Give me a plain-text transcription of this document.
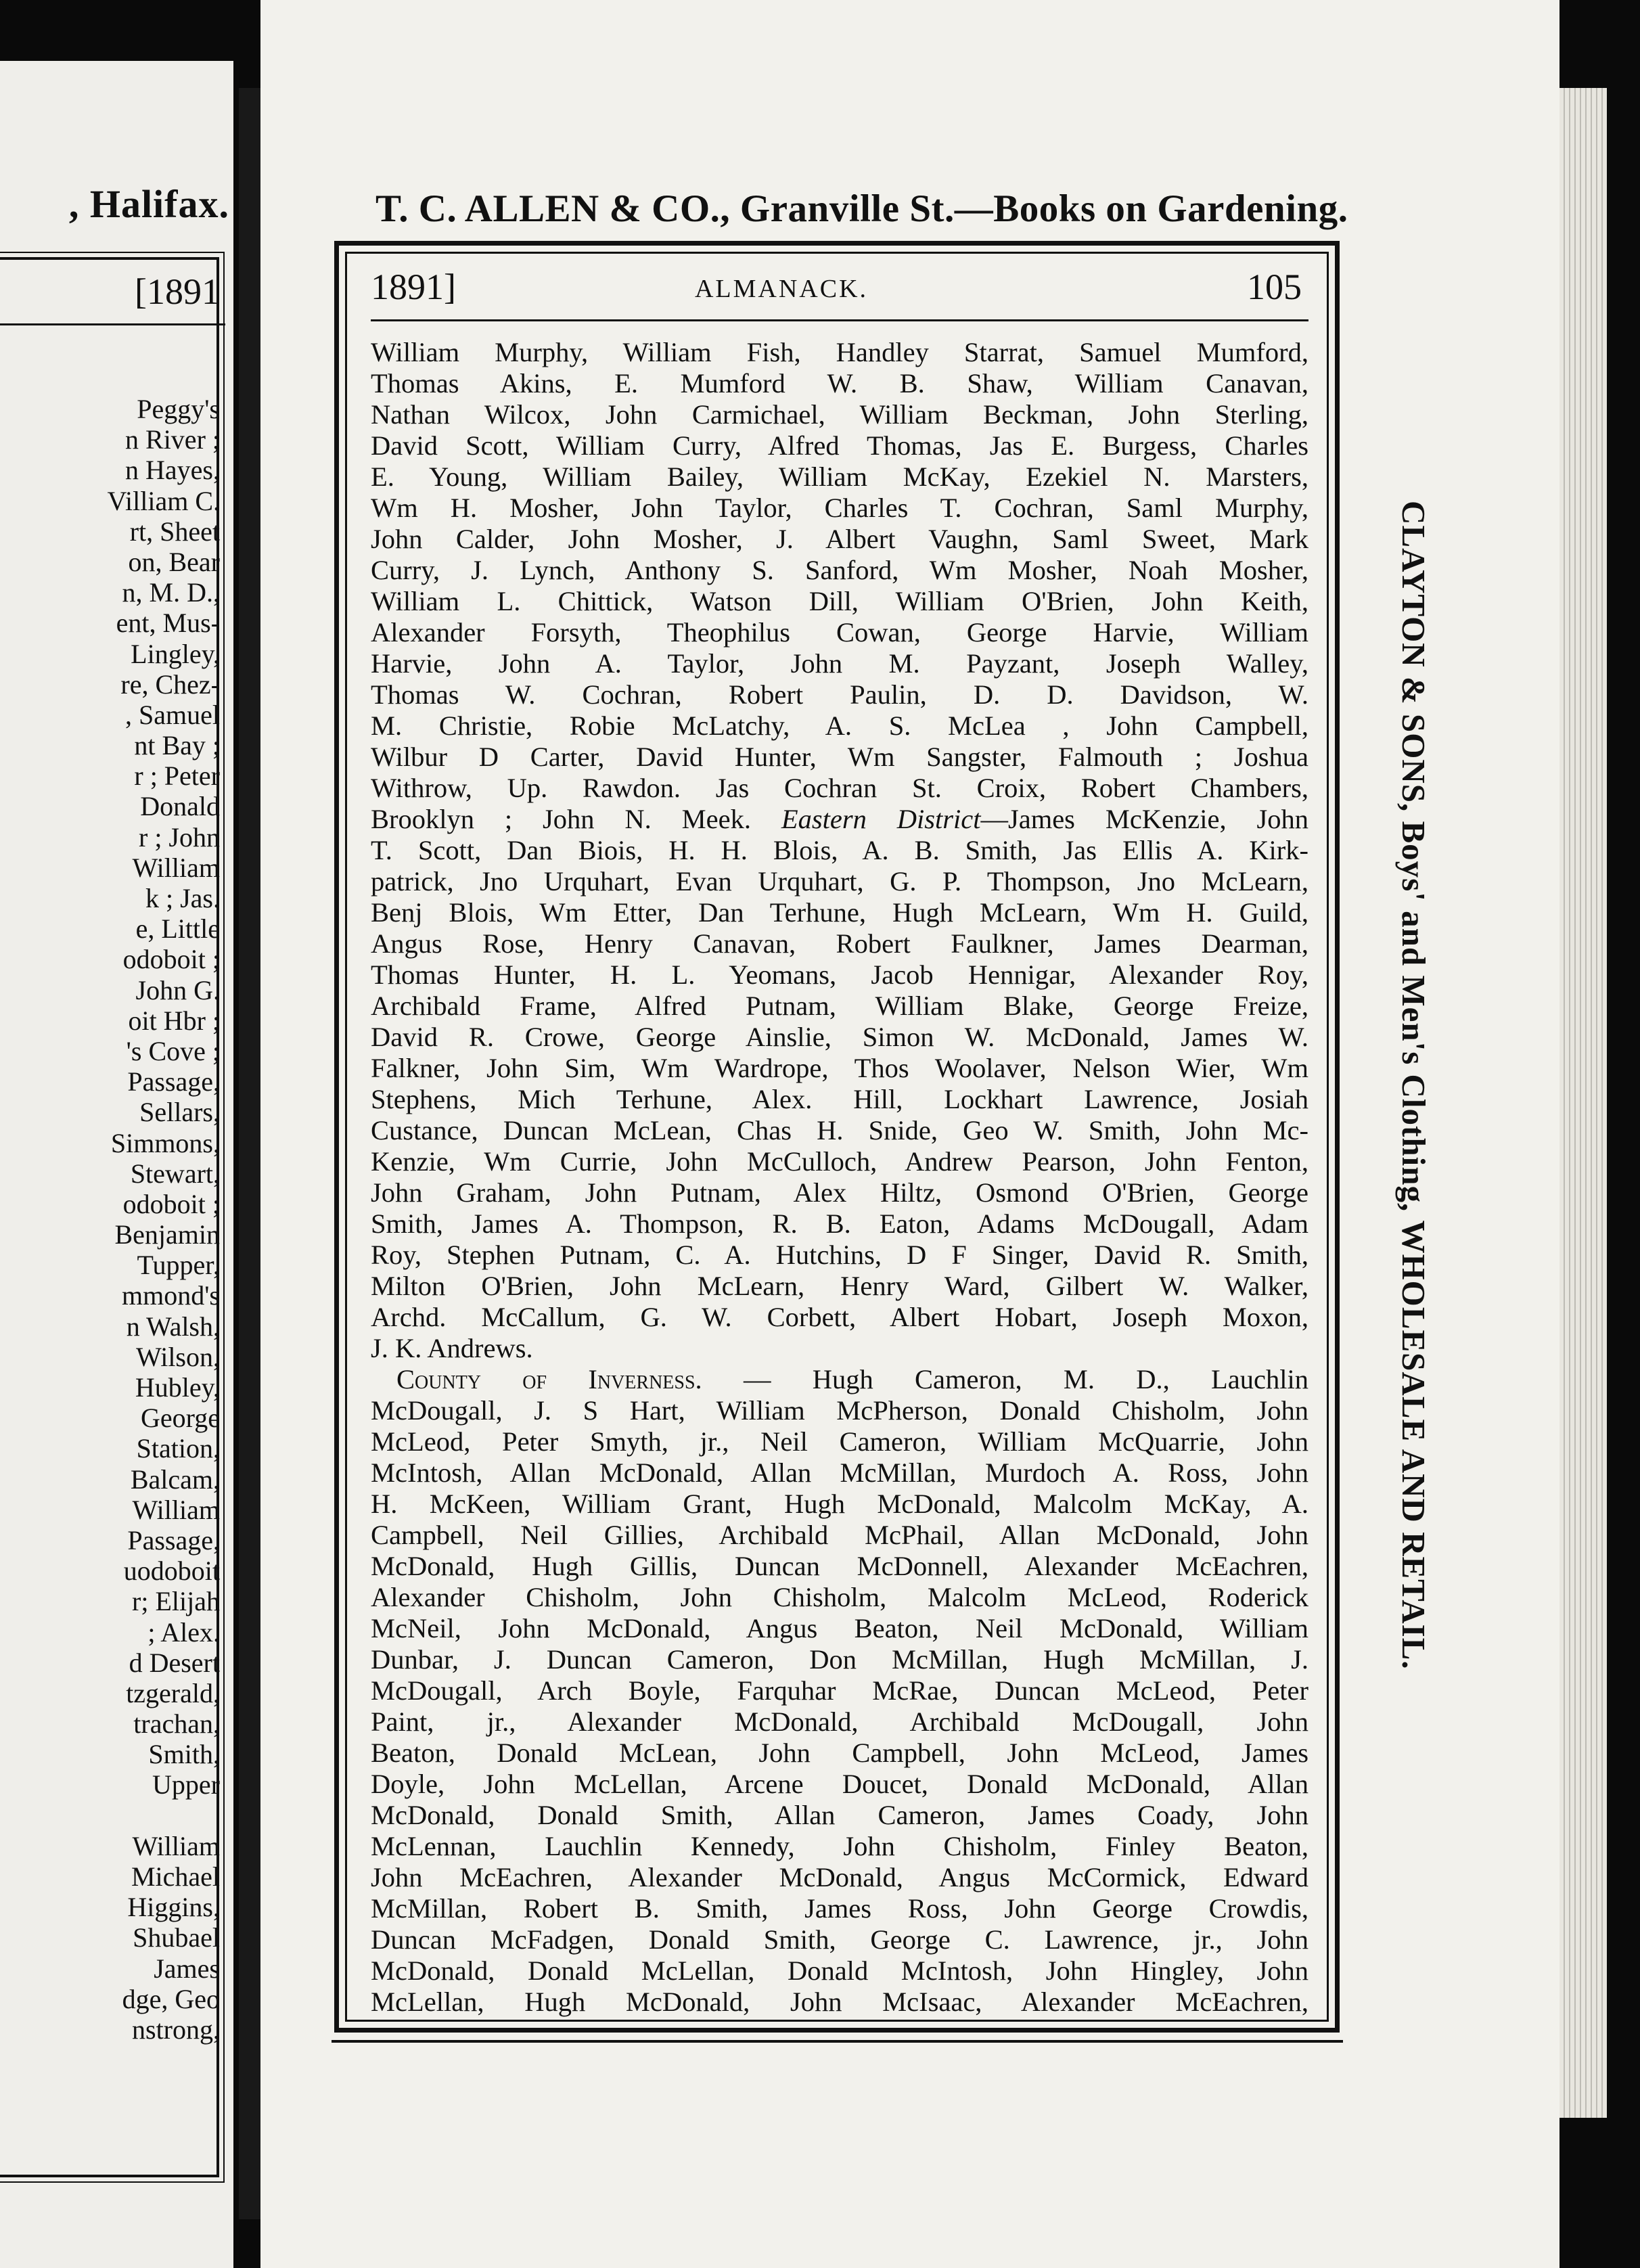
, Halifax.
[1891
Peggy's
n River ;
n Hayes,
Villiam C.
rt, Sheet
on, Bear
n, M. D.,
ent, Mus-
Lingley,
re, Chez-
, Samuel
nt Bay ;
r ; Peter
Donald
r ; John
William
k ; Jas.
e, Little
odoboit ;
John G.
oit Hbr ;
's Cove ;
Passage,
Sellars,
Simmons,
Stewart,
odoboit ;
Benjamin
Tupper,
mmond's
n Walsh,
Wilson,
Hubley,
George
Station,
Balcam,
William
Passage,
uodoboit
r; Elijah
; Alex.
d Desert
tzgerald,
trachan,
Smith,
Upper
William
Michael
Higgins,
Shubael
James
dge, Geo
nstrong,
T. C. ALLEN & CO., Granville St.—Books on Gardening.
1891]	ALMANACK.	105
William Murphy, William Fish, Handley Starrat, Samuel Mumford,
Thomas Akins, E. Mumford W. B. Shaw, William Canavan,
Nathan Wilcox, John Carmichael, William Beckman, John Sterling,
David Scott, William Curry, Alfred Thomas, Jas E. Burgess, Charles
E. Young, William Bailey, William McKay, Ezekiel N. Marsters,
Wm H. Mosher, John Taylor, Charles T. Cochran, Saml Murphy,
John Calder, John Mosher, J. Albert Vaughn, Saml Sweet, Mark
Curry, J. Lynch, Anthony S. Sanford, Wm Mosher, Noah Mosher,
William L. Chittick, Watson Dill, William O'Brien, John Keith,
Alexander Forsyth, Theophilus Cowan, George Harvie, William
Harvie, John A. Taylor, John M. Payzant, Joseph Walley,
Thomas W. Cochran, Robert Paulin, D. D. Davidson, W.
M. Christie, Robie McLatchy, A. S. McLea , John Campbell,
Wilbur D Carter, David Hunter, Wm Sangster, Falmouth ; Joshua
Withrow, Up. Rawdon. Jas Cochran St. Croix, Robert Chambers,
Brooklyn ; John N. Meek. Eastern District—James McKenzie, John
T. Scott, Dan Biois, H. H. Blois, A. B. Smith, Jas Ellis A. Kirk-
patrick, Jno Urquhart, Evan Urquhart, G. P. Thompson, Jno McLearn,
Benj Blois, Wm Etter, Dan Terhune, Hugh McLearn, Wm H. Guild,
Angus Rose, Henry Canavan, Robert Faulkner, James Dearman,
Thomas Hunter, H. L. Yeomans, Jacob Hennigar, Alexander Roy,
Archibald Frame, Alfred Putnam, William Blake, George Freize,
David R. Crowe, George Ainslie, Simon W. McDonald, James W.
Falkner, John Sim, Wm Wardrope, Thos Woolaver, Nelson Wier, Wm
Stephens, Mich Terhune, Alex. Hill, Lockhart Lawrence, Josiah
Custance, Duncan McLean, Chas H. Snide, Geo W. Smith, John Mc-
Kenzie, Wm Currie, John McCulloch, Andrew Pearson, John Fenton,
John Graham, John Putnam, Alex Hiltz, Osmond O'Brien, George
Smith, James A. Thompson, R. B. Eaton, Adams McDougall, Adam
Roy, Stephen Putnam, C. A. Hutchins, D F Singer, David R. Smith,
Milton O'Brien, John McLearn, Henry Ward, Gilbert W. Walker,
Archd. McCallum, G. W. Corbett, Albert Hobart, Joseph Moxon,
J. K. Andrews.
County of Inverness. — Hugh Cameron, M. D., Lauchlin
McDougall, J. S Hart, William McPherson, Donald Chisholm, John
McLeod, Peter Smyth, jr., Neil Cameron, William McQuarrie, John
McIntosh, Allan McDonald, Allan McMillan, Murdoch A. Ross, John
H. McKeen, William Grant, Hugh McDonald, Malcolm McKay, A.
Campbell, Neil Gillies, Archibald McPhail, Allan McDonald, John
McDonald, Hugh Gillis, Duncan McDonnell, Alexander McEachren,
Alexander Chisholm, John Chisholm, Malcolm McLeod, Roderick
McNeil, John McDonald, Angus Beaton, Neil McDonald, William
Dunbar, J. Duncan Cameron, Don McMillan, Hugh McMillan, J.
McDougall, Arch Boyle, Farquhar McRae, Duncan McLeod, Peter
Paint, jr., Alexander McDonald, Archibald McDougall, John
Beaton, Donald McLean, John Campbell, John McLeod, James
Doyle, John McLellan, Arcene Doucet, Donald McDonald, Allan
McDonald, Donald Smith, Allan Cameron, James Coady, John
McLennan, Lauchlin Kennedy, John Chisholm, Finley Beaton,
John McEachren, Alexander McDonald, Angus McCormick, Edward
McMillan, Robert B. Smith, James Ross, John George Crowdis,
Duncan McFadgen, Donald Smith, George C. Lawrence, jr., John
McDonald, Donald McLellan, Donald McIntosh, John Hingley, John
McLellan, Hugh McDonald, John McIsaac, Alexander McEachren,
CLAYTON & SONS, Boys' and Men's Clothing, WHOLESALE AND RETAIL.
